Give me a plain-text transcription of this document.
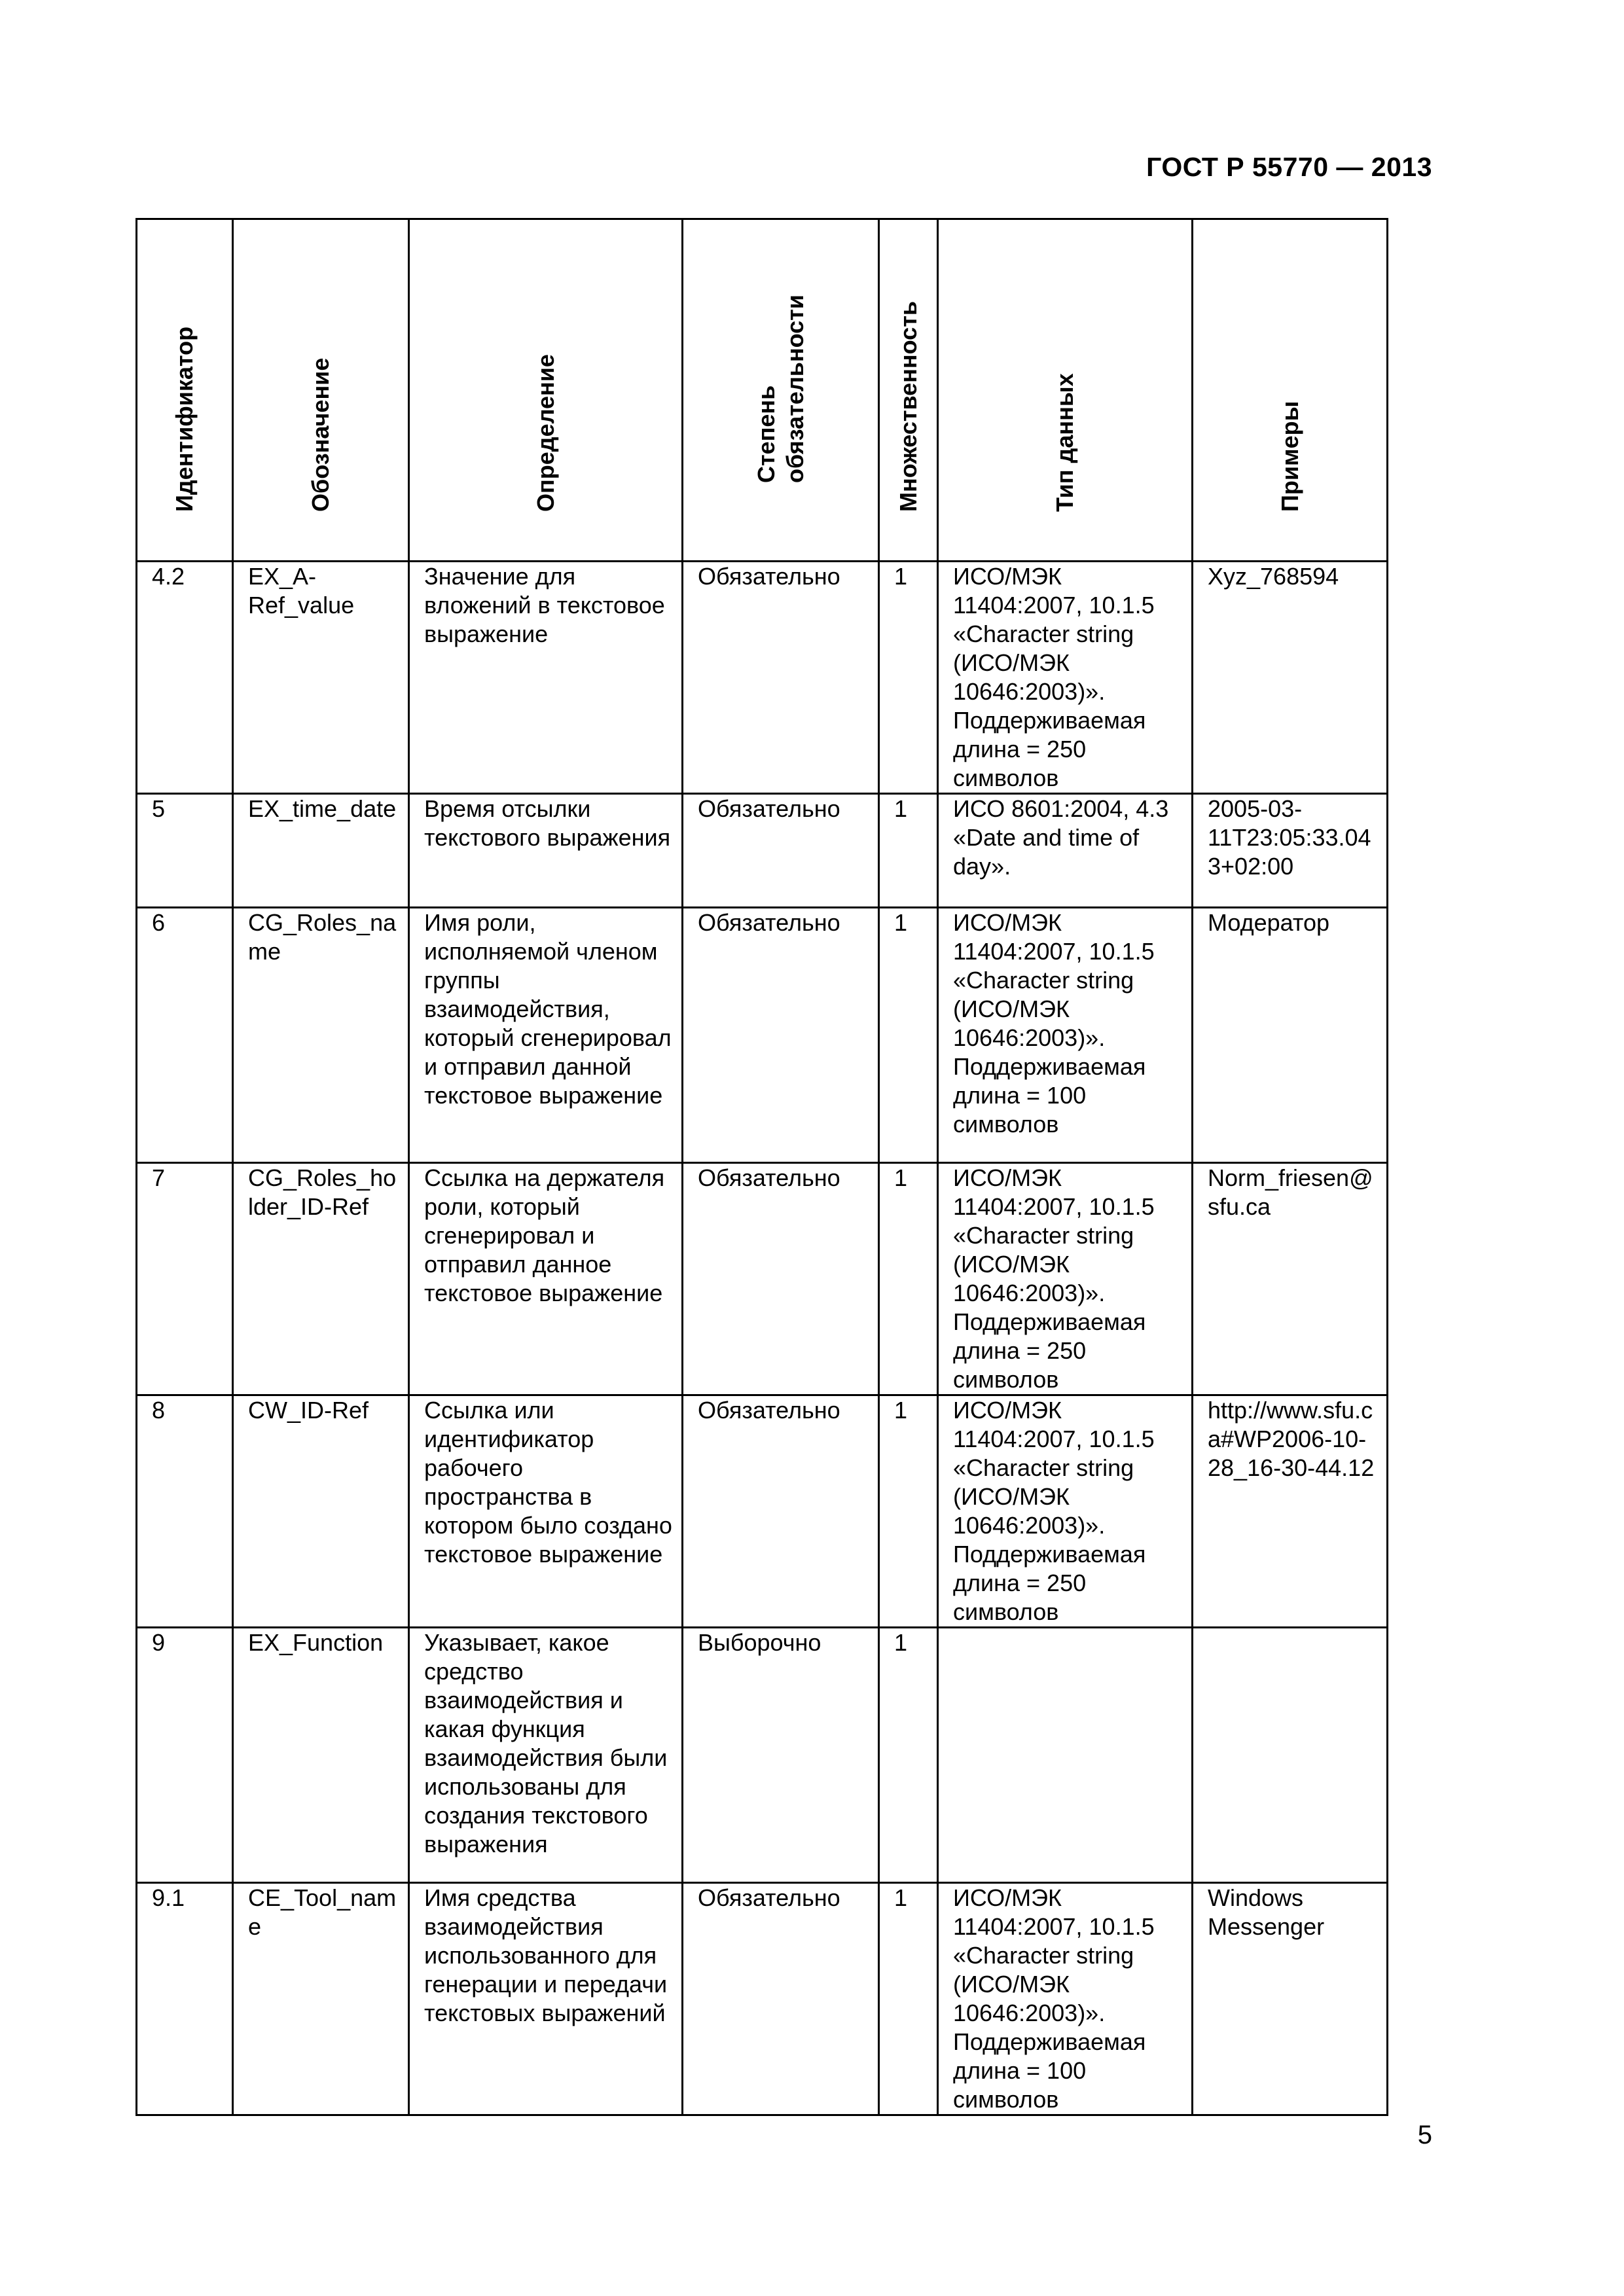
ГОСТ Р 55770 — 2013
Идентификатор	Обозначение	Определение	Степень обязательности	Множественность	Тип данных	Примеры

4.2	EX_A-Ref_value	Значение для вложений в текстовое выражение	Обязательно	1	ИСО/МЭК 11404:2007, 10.1.5 «Character string (ИСО/МЭК 10646:2003)». Поддерживаемая длина = 250 символов	Xyz_768594
5	EX_time_date	Время отсылки текстового выражения	Обязательно	1	ИСО 8601:2004, 4.3 «Date and time of day».	2005-03-11T23:05:33.043+02:00
6	CG_Roles_name	Имя роли, исполняемой членом группы взаимодействия, который сгенерировал и отправил данной текстовое выражение	Обязательно	1	ИСО/МЭК 11404:2007, 10.1.5 «Character string (ИСО/МЭК 10646:2003)». Поддерживаемая длина = 100 символов	Модератор
7	CG_Roles_holder_ID-Ref	Ссылка на держателя роли, который сгенерировал и отправил данное текстовое выражение	Обязательно	1	ИСО/МЭК 11404:2007, 10.1.5 «Character string (ИСО/МЭК 10646:2003)». Поддерживаемая длина = 250 символов	Norm_friesen@sfu.ca
8	CW_ID-Ref	Ссылка или идентификатор рабочего пространства в котором было создано текстовое выражение	Обязательно	1	ИСО/МЭК 11404:2007, 10.1.5 «Character string (ИСО/МЭК 10646:2003)». Поддерживаемая длина = 250 символов	http://www.sfu.ca#WP2006-10-28_16-30-44.12
9	EX_Function	Указывает, какое средство взаимодействия и какая функция взаимодействия были использованы для создания текстового выражения	Выборочно	1		
9.1	CE_Tool_name	Имя средства взаимодействия использованного для генерации и передачи текстовых выражений	Обязательно	1	ИСО/МЭК 11404:2007, 10.1.5 «Character string (ИСО/МЭК 10646:2003)». Поддерживаемая длина = 100 символов	Windows Messenger
5
